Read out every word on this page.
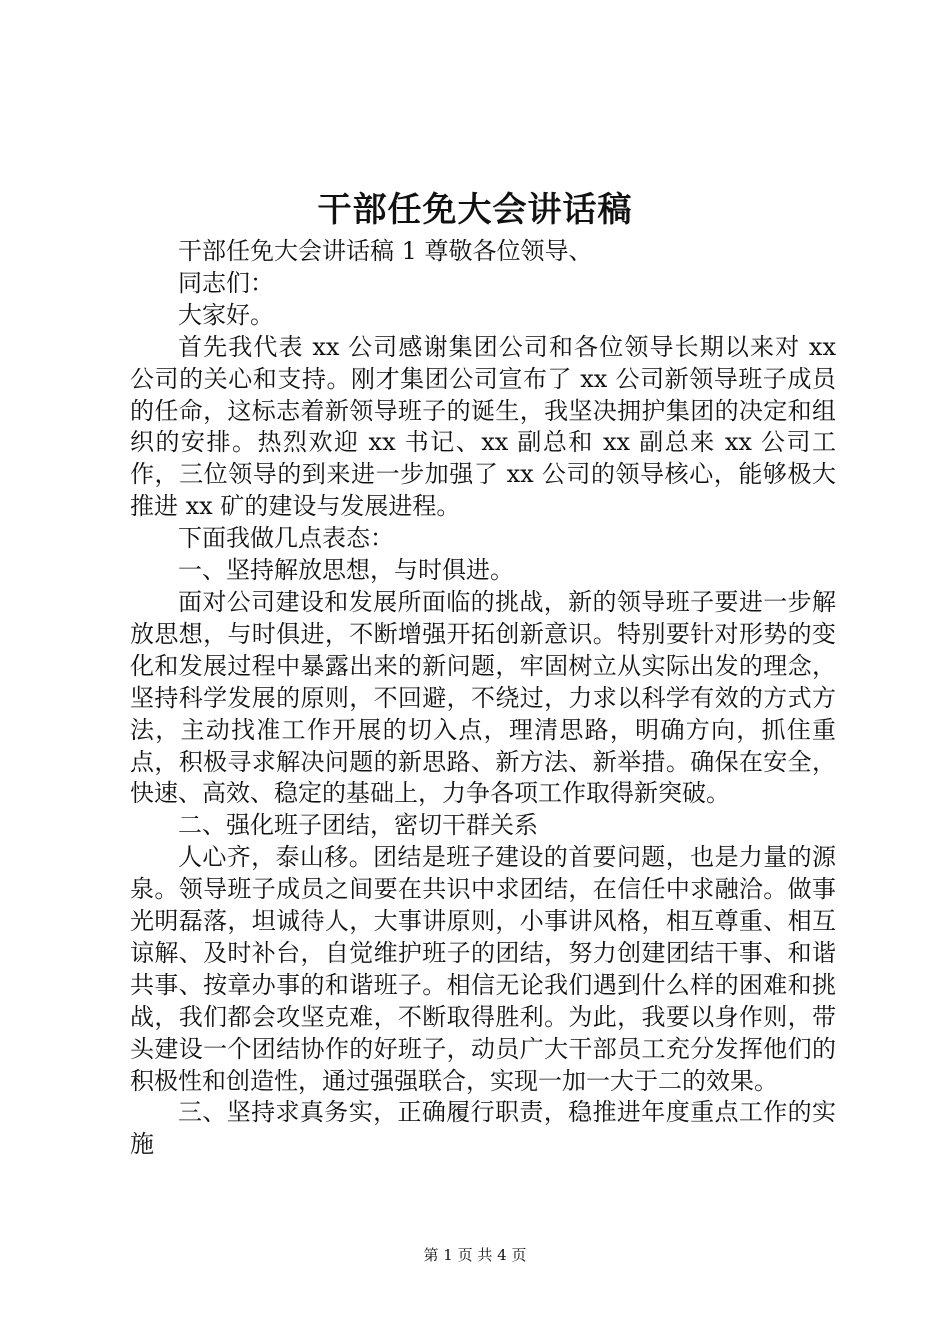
干部任免大会讲话稿

干部任免大会讲话稿 1 尊敬各位领导、

同志们：

大家好。

首先我代表 xx 公司感谢集团公司和各位领导长期以来对 xx 公司的关心和支持。刚才集团公司宣布了 xx 公司新领导班子成员的任命，这标志着新领导班子的诞生，我坚决拥护集团的决定和组织的安排。热烈欢迎 xx 书记、xx 副总和 xx 副总来 xx 公司工作，三位领导的到来进一步加强了 xx 公司的领导核心，能够极大推进 xx 矿的建设与发展进程。

下面我做几点表态：

一、坚持解放思想，与时俱进。

面对公司建设和发展所面临的挑战，新的领导班子要进一步解放思想，与时俱进，不断增强开拓创新意识。特别要针对形势的变化和发展过程中暴露出来的新问题，牢固树立从实际出发的理念，坚持科学发展的原则，不回避，不绕过，力求以科学有效的方式方法，主动找准工作开展的切入点，理清思路，明确方向，抓住重点，积极寻求解决问题的新思路、新方法、新举措。确保在安全，快速、高效、稳定的基础上，力争各项工作取得新突破。

二、强化班子团结，密切干群关系

人心齐，泰山移。团结是班子建设的首要问题，也是力量的源泉。领导班子成员之间要在共识中求团结，在信任中求融洽。做事光明磊落，坦诚待人，大事讲原则，小事讲风格，相互尊重、相互谅解、及时补台，自觉维护班子的团结，努力创建团结干事、和谐共事、按章办事的和谐班子。相信无论我们遇到什么样的困难和挑战，我们都会攻坚克难，不断取得胜利。为此，我要以身作则，带头建设一个团结协作的好班子，动员广大干部员工充分发挥他们的积极性和创造性，通过强强联合，实现一加一大于二的效果。

三、坚持求真务实，正确履行职责，稳推进年度重点工作的实施

第 1 页 共 4 页
